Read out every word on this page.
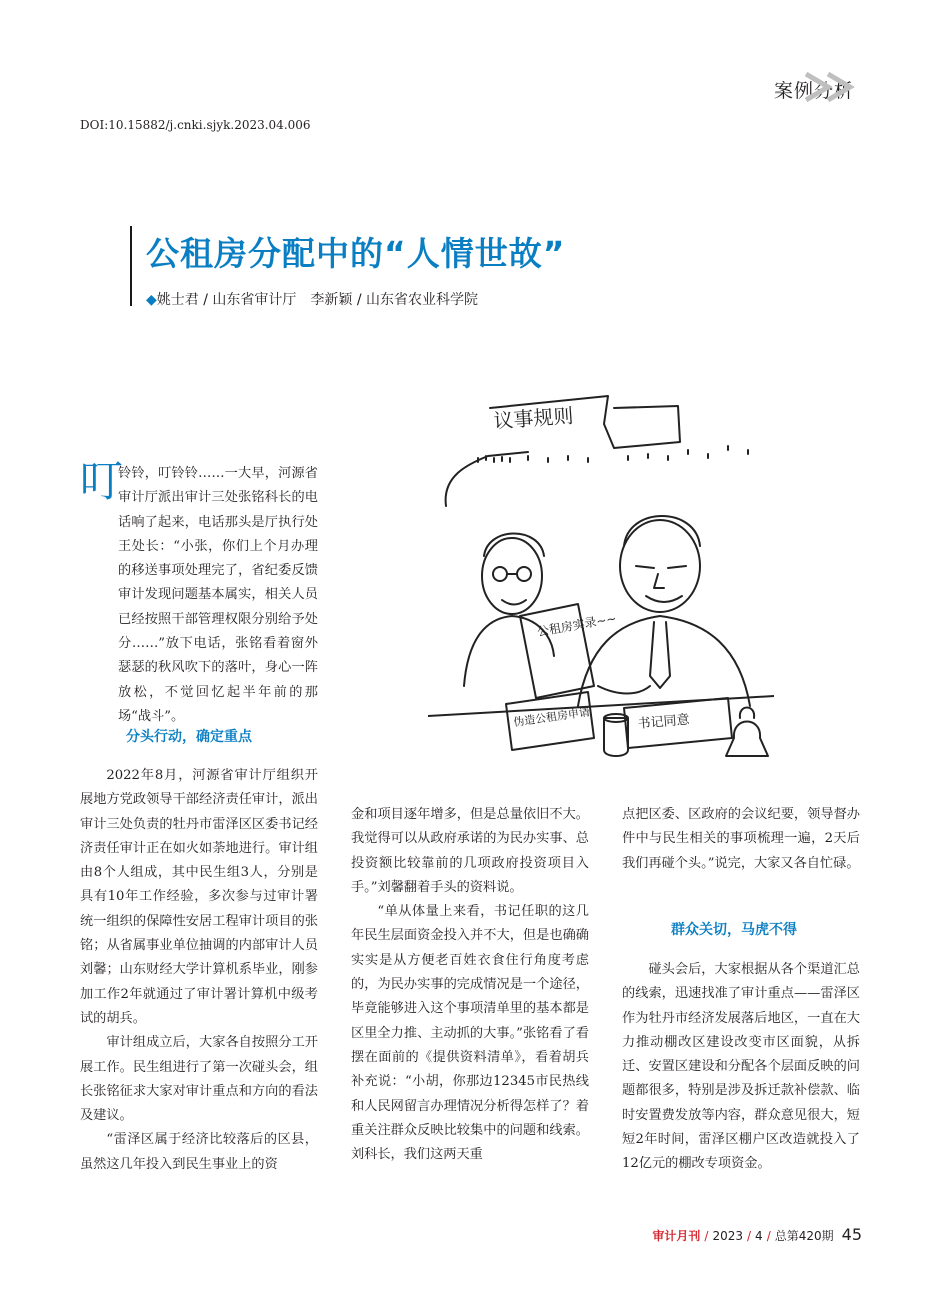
案例分析
DOI:10.15882/j.cnki.sjyk.2023.04.006
公租房分配中的“人情世故”
◆姚士君 / 山东省审计厅　李新颖 / 山东省农业科学院
议事规则
公租房实录~~
伪造公租房申请	书记同意
叮

铃铃，叮铃铃……一大早，河源省审计厅派出审计三处张铭科长的电话响了起来，电话那头是厅执行处王处长：“小张，你们上个月办理的移送事项处理完了，省纪委反馈审计发现问题基本属实，相关人员已经按照干部管理权限分别给予处分……”放下电话，张铭看着窗外瑟瑟的秋风吹下的落叶，身心一阵放松，不觉回忆起半年前的那场“战斗”。

分头行动，确定重点

2022年8月，河源省审计厅组织开展地方党政领导干部经济责任审计，派出审计三处负责的牡丹市雷泽区区委书记经济责任审计正在如火如荼地进行。审计组由8个人组成，其中民生组3人，分别是具有10年工作经验，多次参与过审计署统一组织的保障性安居工程审计项目的张铭；从省属事业单位抽调的内部审计人员刘馨；山东财经大学计算机系毕业，刚参加工作2年就通过了审计署计算机中级考试的胡兵。

审计组成立后，大家各自按照分工开展工作。民生组进行了第一次碰头会，组长张铭征求大家对审计重点和方向的看法及建议。

“雷泽区属于经济比较落后的区县，虽然这几年投入到民生事业上的资

金和项目逐年增多，但是总量依旧不大。我觉得可以从政府承诺的为民办实事、总投资额比较靠前的几项政府投资项目入手。”刘馨翻着手头的资料说。

“单从体量上来看，书记任职的这几年民生层面资金投入并不大，但是也确确实实是从方便老百姓衣食住行角度考虑的，为民办实事的完成情况是一个途径，毕竟能够进入这个事项清单里的基本都是区里全力推、主动抓的大事。”张铭看了看摆在面前的《提供资料清单》，看着胡兵补充说：“小胡，你那边12345市民热线和人民网留言办理情况分析得怎样了？着重关注群众反映比较集中的问题和线索。刘科长，我们这两天重

点把区委、区政府的会议纪要，领导督办件中与民生相关的事项梳理一遍，2天后我们再碰个头。”说完，大家又各自忙碌。

群众关切，马虎不得

碰头会后，大家根据从各个渠道汇总的线索，迅速找准了审计重点——雷泽区作为牡丹市经济发展落后地区，一直在大力推动棚改区建设改变市区面貌，从拆迁、安置区建设和分配各个层面反映的问题都很多，特别是涉及拆迁款补偿款、临时安置费发放等内容，群众意见很大，短短2年时间，雷泽区棚户区改造就投入了12亿元的棚改专项资金。

审计月刊 / 2023 / 4 / 总第420期 45
